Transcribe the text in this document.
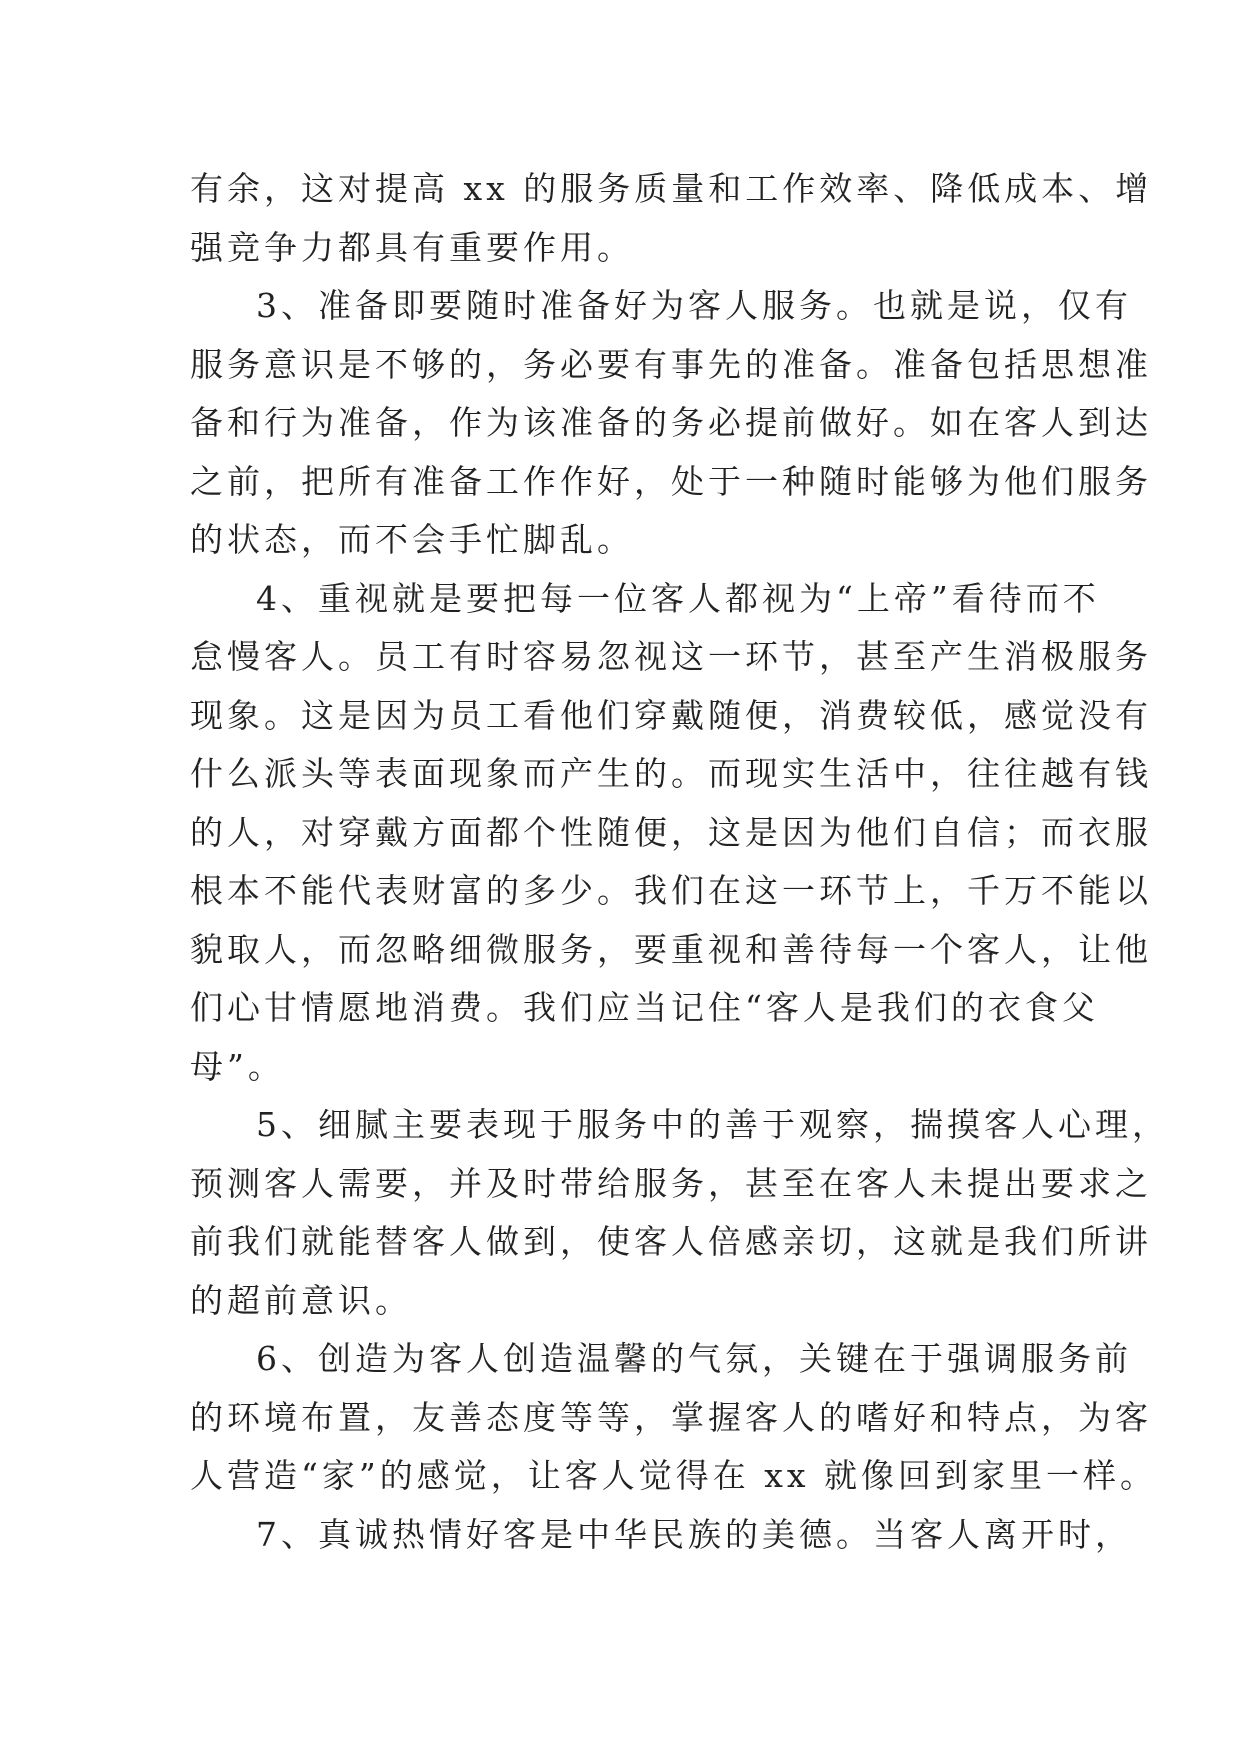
有余，这对提高 xx 的服务质量和工作效率、降低成本、增
强竞争力都具有重要作用。
3、准备即要随时准备好为客人服务。也就是说，仅有
服务意识是不够的，务必要有事先的准备。准备包括思想准
备和行为准备，作为该准备的务必提前做好。如在客人到达
之前，把所有准备工作作好，处于一种随时能够为他们服务
的状态，而不会手忙脚乱。
4、重视就是要把每一位客人都视为“上帝”看待而不
怠慢客人。员工有时容易忽视这一环节，甚至产生消极服务
现象。这是因为员工看他们穿戴随便，消费较低，感觉没有
什么派头等表面现象而产生的。而现实生活中，往往越有钱
的人，对穿戴方面都个性随便，这是因为他们自信；而衣服
根本不能代表财富的多少。我们在这一环节上，千万不能以
貌取人，而忽略细微服务，要重视和善待每一个客人，让他
们心甘情愿地消费。我们应当记住“客人是我们的衣食父
母”。
5、细腻主要表现于服务中的善于观察，揣摸客人心理，
预测客人需要，并及时带给服务，甚至在客人未提出要求之
前我们就能替客人做到，使客人倍感亲切，这就是我们所讲
的超前意识。
6、创造为客人创造温馨的气氛，关键在于强调服务前
的环境布置，友善态度等等，掌握客人的嗜好和特点，为客
人营造“家”的感觉，让客人觉得在 xx 就像回到家里一样。
7、真诚热情好客是中华民族的美德。当客人离开时，
